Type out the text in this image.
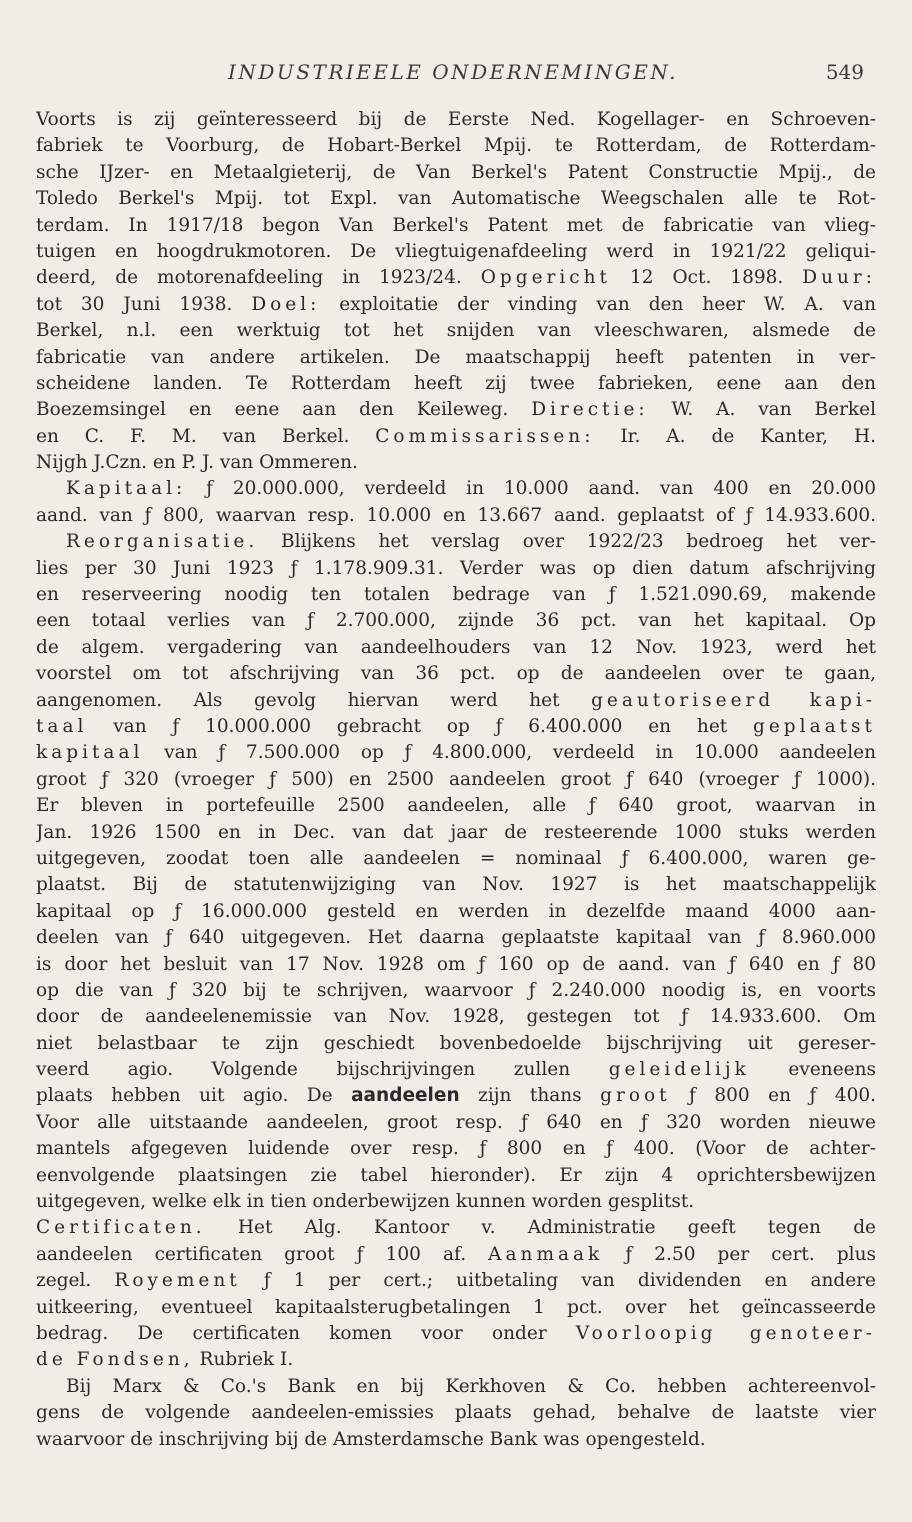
INDUSTRIEELE ONDERNEMINGEN.	549
Voorts is zij geïnteresseerd bij de Eerste Ned. Kogellager- en Schroeven-
fabriek te Voorburg, de Hobart-Berkel Mpij. te Rotterdam, de Rotterdam-
sche IJzer- en Metaalgieterij, de Van Berkel's Patent Constructie Mpij., de
Toledo Berkel's Mpij. tot Expl. van Automatische Weegschalen alle te Rot-
terdam. In 1917/18 begon Van Berkel's Patent met de fabricatie van vlieg-
tuigen en hoogdrukmotoren. De vliegtuigenafdeeling werd in 1921/22 geliqui-
deerd, de motorenafdeeling in 1923/24. Opgericht 12 Oct. 1898. Duur:
tot 30 Juni 1938. Doel: exploitatie der vinding van den heer W. A. van
Berkel, n.l. een werktuig tot het snijden van vleeschwaren, alsmede de
fabricatie van andere artikelen. De maatschappij heeft patenten in ver-
scheidene landen. Te Rotterdam heeft zij twee fabrieken, eene aan den
Boezemsingel en eene aan den Keileweg. Directie: W. A. van Berkel
en C. F. M. van Berkel. Commissarissen: Ir. A. de Kanter, H.
Nijgh J.Czn. en P. J. van Ommeren.
Kapitaal: ƒ 20.000.000, verdeeld in 10.000 aand. van 400 en 20.000
aand. van ƒ 800, waarvan resp. 10.000 en 13.667 aand. geplaatst of ƒ 14.933.600.
Reorganisatie. Blijkens het verslag over 1922/23 bedroeg het ver-
lies per 30 Juni 1923 ƒ 1.178.909.31. Verder was op dien datum afschrijving
en reserveering noodig ten totalen bedrage van ƒ 1.521.090.69, makende
een totaal verlies van ƒ 2.700.000, zijnde 36 pct. van het kapitaal. Op
de algem. vergadering van aandeelhouders van 12 Nov. 1923, werd het
voorstel om tot afschrijving van 36 pct. op de aandeelen over te gaan,
aangenomen. Als gevolg hiervan werd het geautoriseerd kapi-
taal van ƒ 10.000.000 gebracht op ƒ 6.400.000 en het geplaatst
kapitaal van ƒ 7.500.000 op ƒ 4.800.000, verdeeld in 10.000 aandeelen
groot ƒ 320 (vroeger ƒ 500) en 2500 aandeelen groot ƒ 640 (vroeger ƒ 1000).
Er bleven in portefeuille 2500 aandeelen, alle ƒ 640 groot, waarvan in
Jan. 1926 1500 en in Dec. van dat jaar de resteerende 1000 stuks werden
uitgegeven, zoodat toen alle aandeelen = nominaal ƒ 6.400.000, waren ge-
plaatst. Bij de statutenwijziging van Nov. 1927 is het maatschappelijk
kapitaal op ƒ 16.000.000 gesteld en werden in dezelfde maand 4000 aan-
deelen van ƒ 640 uitgegeven. Het daarna geplaatste kapitaal van ƒ 8.960.000
is door het besluit van 17 Nov. 1928 om ƒ 160 op de aand. van ƒ 640 en ƒ 80
op die van ƒ 320 bij te schrijven, waarvoor ƒ 2.240.000 noodig is, en voorts
door de aandeelenemissie van Nov. 1928, gestegen tot ƒ 14.933.600. Om
niet belastbaar te zijn geschiedt bovenbedoelde bijschrijving uit gereser-
veerd agio. Volgende bijschrijvingen zullen geleidelijk eveneens
plaats hebben uit agio. De aandeelen zijn thans groot ƒ 800 en ƒ 400.
Voor alle uitstaande aandeelen, groot resp. ƒ 640 en ƒ 320 worden nieuwe
mantels afgegeven luidende over resp. ƒ 800 en ƒ 400. (Voor de achter-
eenvolgende plaatsingen zie tabel hieronder). Er zijn 4 oprichtersbewijzen
uitgegeven, welke elk in tien onderbewijzen kunnen worden gesplitst.
Certificaten. Het Alg. Kantoor v. Administratie geeft tegen de
aandeelen certificaten groot ƒ 100 af. Aanmaak ƒ 2.50 per cert. plus
zegel. Royement ƒ 1 per cert.; uitbetaling van dividenden en andere
uitkeering, eventueel kapitaalsterugbetalingen 1 pct. over het geïncasseerde
bedrag. De certificaten komen voor onder Voorloopig genoteer-
de Fondsen, Rubriek I.
Bij Marx & Co.'s Bank en bij Kerkhoven & Co. hebben achtereenvol-
gens de volgende aandeelen-emissies plaats gehad, behalve de laatste vier
waarvoor de inschrijving bij de Amsterdamsche Bank was opengesteld.
